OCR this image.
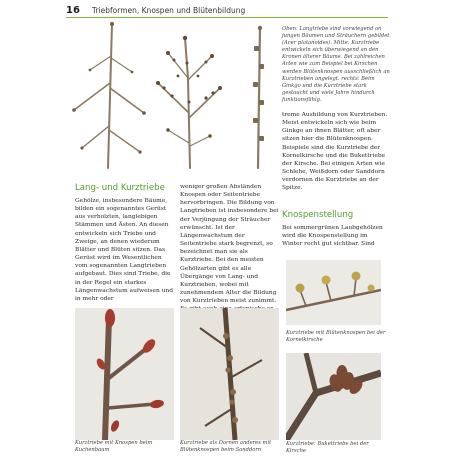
16 Triebformen, Knospen und Blütenbildung
Oben: Langtriebe sind vorwiegend an jungen Bäumen und Sträuchern gebildet (Acer platanoides). Mitte: Kurztriebe entwickeln sich überwiegend an den Kronen älterer Bäume. Bei zahlreichen Arten wie zum Beispiel bei Kirschen werden Blütenknospen ausschließlich an Kurztrieben angelegt. rechts: Beim Ginkgo und die Kurztriebe stark gestaucht und viele Jahre hindurch funktionsfähig.
treme Ausbildung von Kurztrieben. Meist entwickeln sich wie beim Ginkgo an ihnen Blätter, oft aber sitzen hier die Blütenknospen. Beispiele sind die Kurztriebe der Kornelkirsche und die Bukettriebe der Kirsche. Bei einigen Arten wie Schlehe, Weißdorn oder Sanddorn verdornen die Kurztriebe an der Spitze.
Lang- und Kurztriebe
Gehölze, insbesondere Bäume, bilden ein sogenanntes Gerüst aus verholzten, langlebigen Stämmen und Ästen. An diesen entwickeln sich Triebe und Zweige, an denen wiederum Blätter und Blüten sitzen. Das Gerüst wird im Wesentlichen vom sogenannten Langtrieben aufgebaut. Dies sind Triebe, die in der Regel ein starkes Längenwachstum aufweisen und in mehr oder
weniger großen Abständen Knospen oder Seitentriebe hervorbringen. Die Bildung von Langtrieben ist insbesondere bei der Verjüngung der Sträucher erwünscht. Ist der Längenwachstum der Seitentriebe stark begrenzt, so bezeichnet man sie als Kurztriebe. Bei den meisten Gehölzarten gibt es alle Übergänge von Lang- und Kurztrieben, wobei mit zunehmendem Alter die Bildung von Kurztrieben meist zunimmt.
Knospenstellung
Bei sommergrünen Laubgehölzen wird die Knospenstellung im Winter recht gut sichtbar. Sind
Kurztriebe mit Knospen beim Kuchenbaum
Kurztriebe als Dornen anderes mit Blütenknospen beim Sanddorn
Kurztriebe mit Blütenknospen bei der Kornelkirsche
Kurztriebe: Bukettriebe bei der Kirsche
